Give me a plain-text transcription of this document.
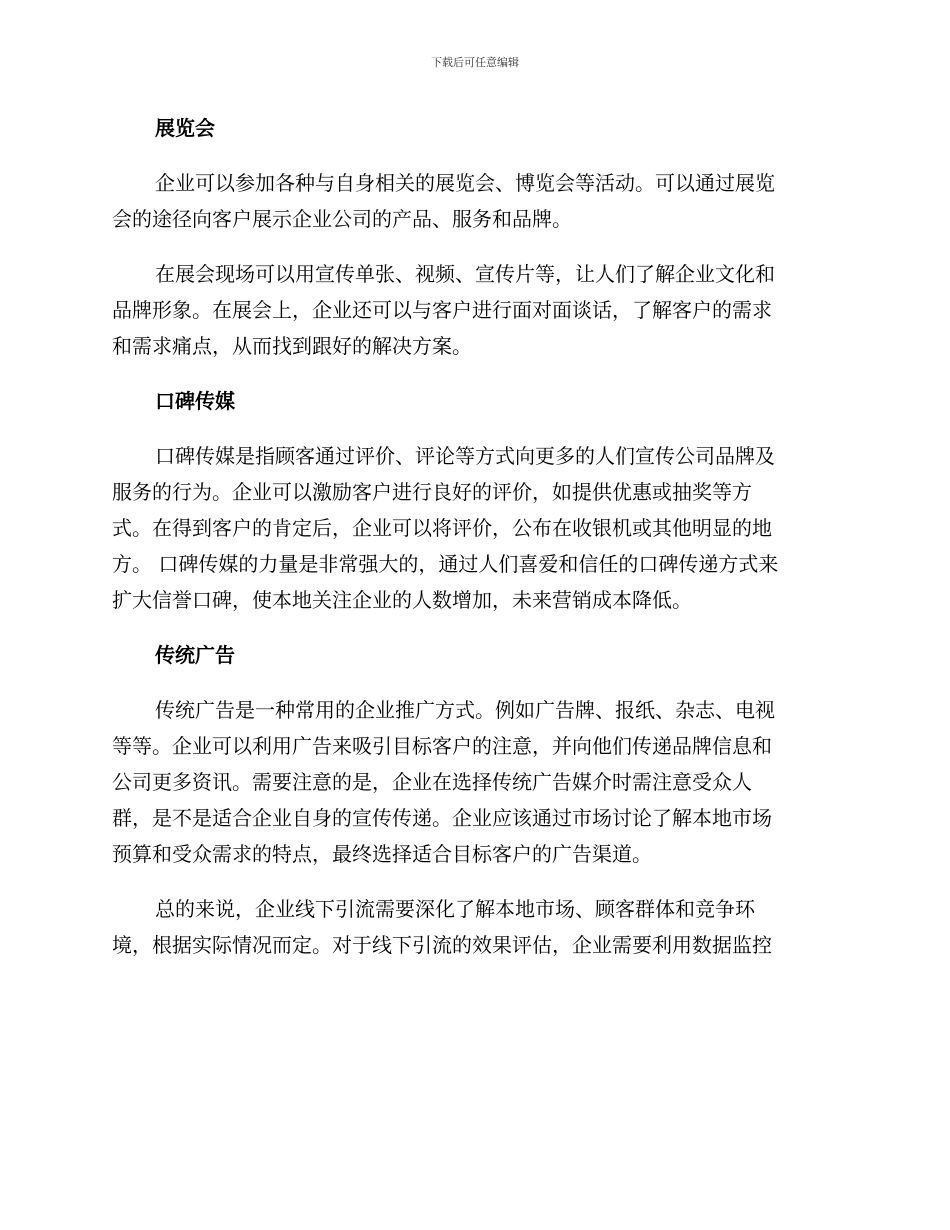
下载后可任意编辑
展览会
企业可以参加各种与自身相关的展览会、博览会等活动。可以通过展览
会的途径向客户展示企业公司的产品、服务和品牌。
在展会现场可以用宣传单张、视频、宣传片等，让人们了解企业文化和
品牌形象。在展会上，企业还可以与客户进行面对面谈话，了解客户的需求
和需求痛点，从而找到跟好的解决方案。
口碑传媒
口碑传媒是指顾客通过评价、评论等方式向更多的人们宣传公司品牌及
服务的行为。企业可以激励客户进行良好的评价，如提供优惠或抽奖等方
式。在得到客户的肯定后，企业可以将评价，公布在收银机或其他明显的地
方。 口碑传媒的力量是非常强大的，通过人们喜爱和信任的口碑传递方式来
扩大信誉口碑，使本地关注企业的人数增加，未来营销成本降低。
传统广告
传统广告是一种常用的企业推广方式。例如广告牌、报纸、杂志、电视
等等。企业可以利用广告来吸引目标客户的注意，并向他们传递品牌信息和
公司更多资讯。需要注意的是，企业在选择传统广告媒介时需注意受众人
群，是不是适合企业自身的宣传传递。企业应该通过市场讨论了解本地市场
预算和受众需求的特点，最终选择适合目标客户的广告渠道。
总的来说，企业线下引流需要深化了解本地市场、顾客群体和竞争环
境，根据实际情况而定。对于线下引流的效果评估，企业需要利用数据监控
